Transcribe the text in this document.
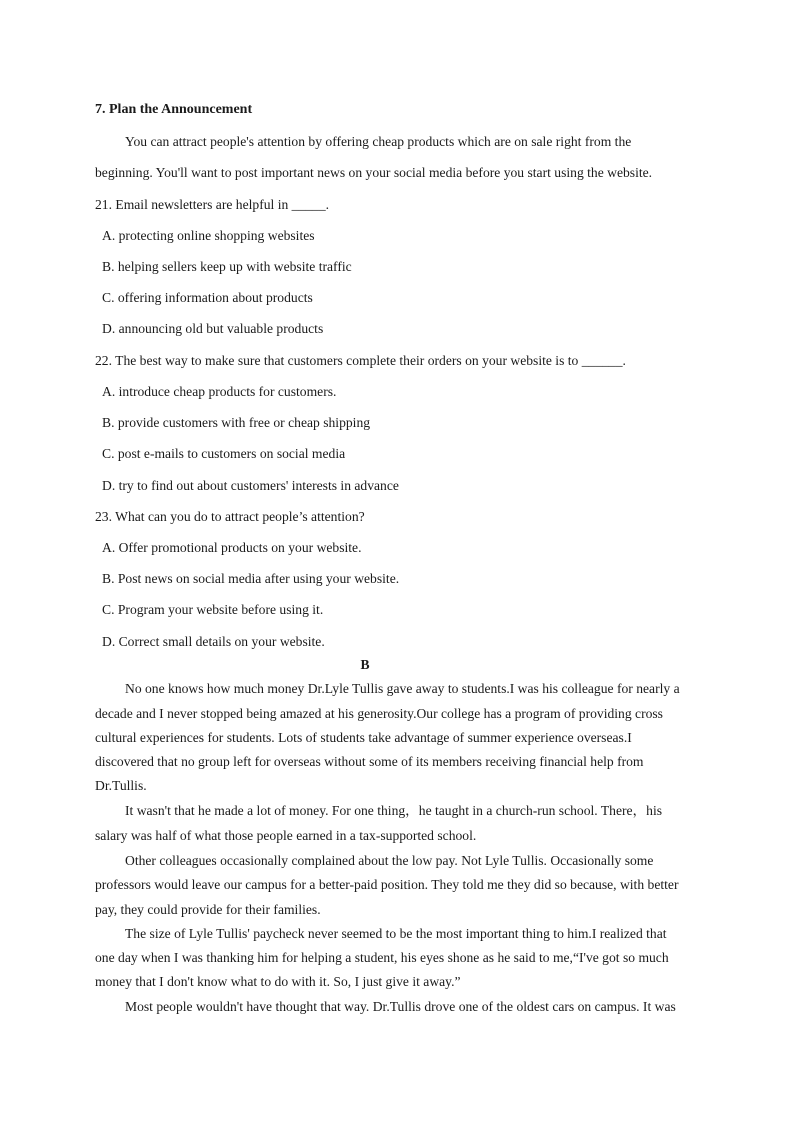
7. Plan the Announcement
You can attract people's attention by offering cheap products which are on sale right from the
beginning. You'll want to post important news on your social media before you start using the website.
21. Email newsletters are helpful in _____.
A. protecting online shopping websites
B. helping sellers keep up with website traffic
C. offering information about products
D. announcing old but valuable products
22. The best way to make sure that customers complete their orders on your website is to ______.
A. introduce cheap products for customers.
B. provide customers with free or cheap shipping
C. post e-mails to customers on social media
D. try to find out about customers' interests in advance
23. What can you do to attract people’s attention?
A. Offer promotional products on your website.
B. Post news on social media after using your website.
C. Program your website before using it.
D. Correct small details on your website.
B
No one knows how much money Dr.Lyle Tullis gave away to students.I was his colleague for nearly a
decade and I never stopped being amazed at his generosity.Our college has a program of providing cross
cultural experiences for students. Lots of students take advantage of summer experience overseas.I
discovered that no group left for overseas without some of its members receiving financial help from
Dr.Tullis.
It wasn't that he made a lot of money. For one thing，he taught in a church-run school. There，his
salary was half of what those people earned in a tax-supported school.
Other colleagues occasionally complained about the low pay. Not Lyle Tullis. Occasionally some
professors would leave our campus for a better-paid position. They told me they did so because, with better
pay, they could provide for their families.
The size of Lyle Tullis' paycheck never seemed to be the most important thing to him.I realized that
one day when I was thanking him for helping a student, his eyes shone as he said to me,“I've got so much
money that I don't know what to do with it. So, I just give it away.”
Most people wouldn't have thought that way. Dr.Tullis drove one of the oldest cars on campus. It was
